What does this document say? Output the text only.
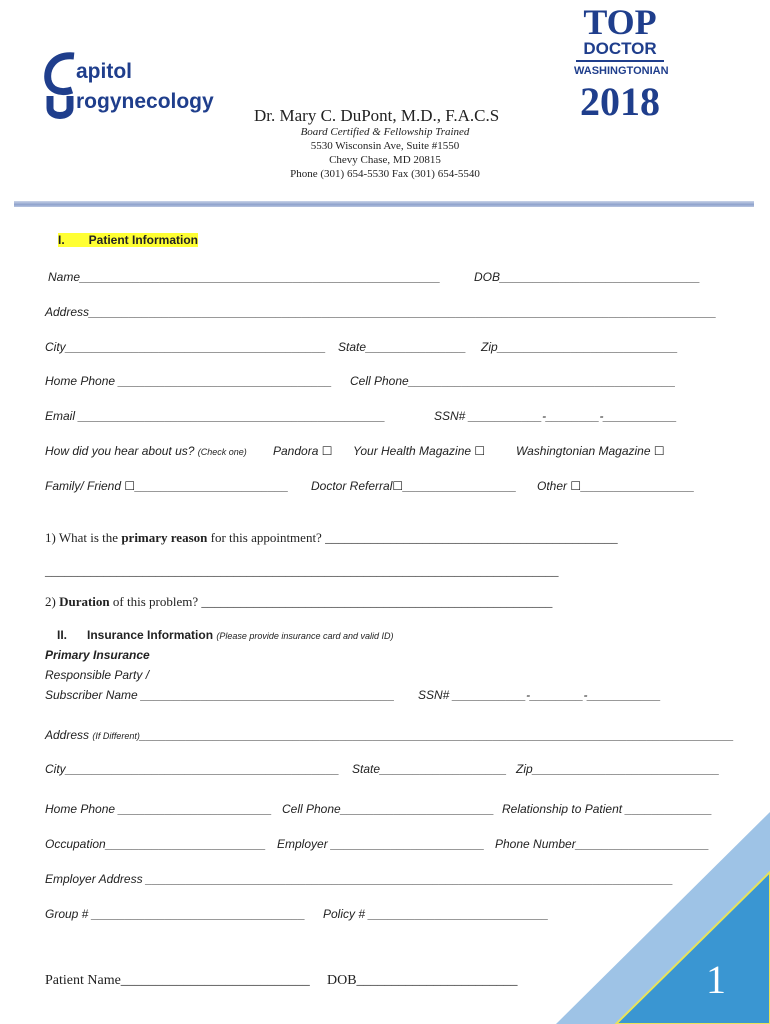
apitol
rogynecology
Dr. Mary C. DuPont, M.D., F.A.C.S
Board Certified & Fellowship Trained
5530 Wisconsin Ave, Suite #1550
Chevy Chase, MD 20815
Phone (301) 654-5530 Fax (301) 654-5540
TOP
DOCTOR
WASHINGTONIAN
2018
I. Patient Information
Name______________________________________________________	DOB______________________________
Address______________________________________________________________________________________________
City_______________________________________ State_______________ Zip___________________________
Home Phone ________________________________ Cell Phone________________________________________
Email ______________________________________________	SSN# ___________-________-___________
How did you hear about us? (Check one) Pandora ☐ Your Health Magazine ☐	Washingtonian Magazine ☐
Family/ Friend ☐_______________________ Doctor Referral☐_________________ Other ☐_________________
1) What is the primary reason for this appointment? _____________________________________________
_______________________________________________________________________________
2) Duration of this problem? ______________________________________________________
II. Insurance Information (Please provide insurance card and valid ID)
Primary Insurance
Responsible Party /
Subscriber Name ______________________________________ SSN# ___________-________-___________
Address (If Different)_________________________________________________________________________________________
City_________________________________________ State___________________ Zip____________________________
Home Phone _______________________ Cell Phone_______________________ Relationship to Patient _____________
Occupation________________________ Employer _______________________ Phone Number____________________
Employer Address _______________________________________________________________________________
Group # ________________________________ Policy # ___________________________
Patient Name___________________________ DOB_______________________	1
